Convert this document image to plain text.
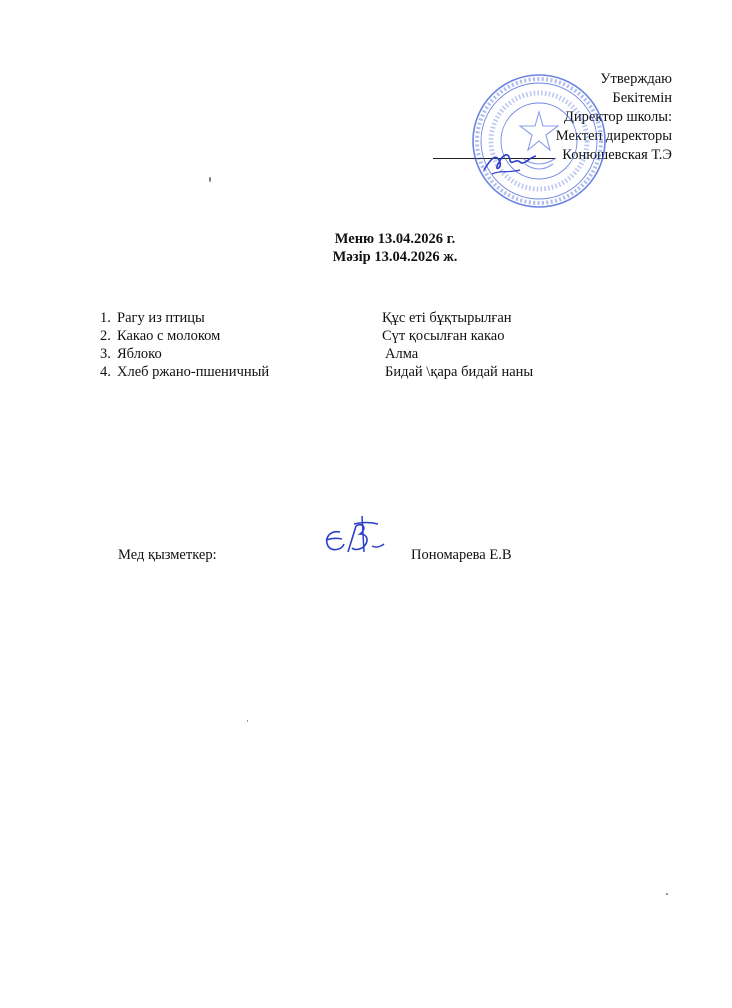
Утверждаю
Бекітемін
Директор школы:
Мектеп директоры
Конюшевская Т.Э
Меню 13.04.2026 г.
Мәзір 13.04.2026 ж.
1. Рагу из птицы	Құс еті бұқтырылған
2. Какао с молоком	Сүт қосылған какао
3. Яблоко	Алма
4. Хлеб ржано-пшеничный	Бидай \қара бидай наны
Мед қызметкер:	Пономарева Е.В
